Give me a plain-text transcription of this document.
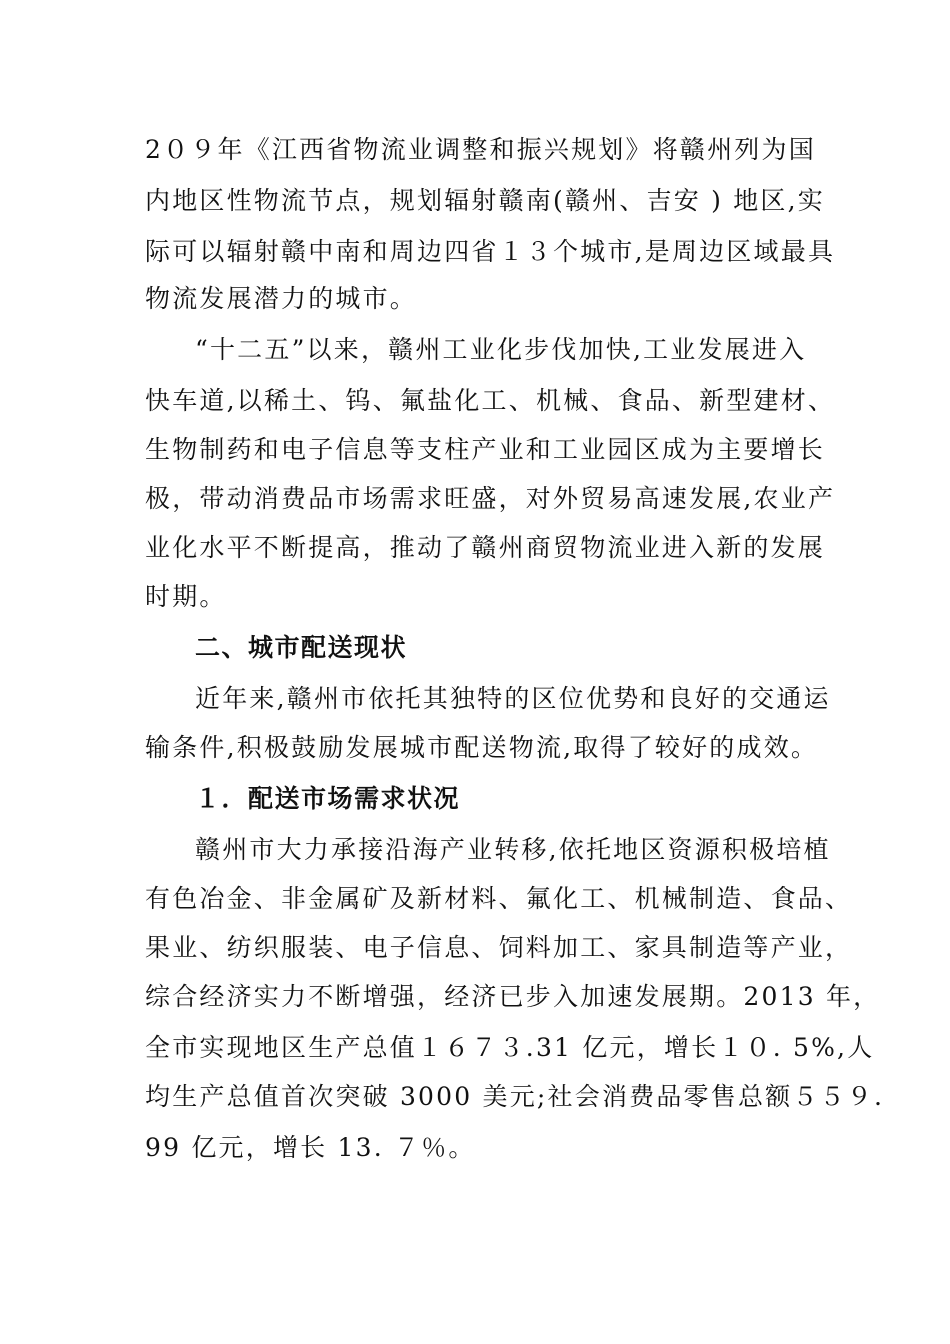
2０９年《江西省物流业调整和振兴规划》将赣州列为国
内地区性物流节点，规划辐射赣南(赣州、吉安 ) 地区,实
际可以辐射赣中南和周边四省１３个城市,是周边区域最具
物流发展潜力的城市。
“十二五”以来，赣州工业化步伐加快,工业发展进入
快车道,以稀土、钨、氟盐化工、机械、食品、新型建材、
生物制药和电子信息等支柱产业和工业园区成为主要增长
极，带动消费品市场需求旺盛，对外贸易高速发展,农业产
业化水平不断提高，推动了赣州商贸物流业进入新的发展
时期。
二、城市配送现状
近年来,赣州市依托其独特的区位优势和良好的交通运
输条件,积极鼓励发展城市配送物流,取得了较好的成效。
１．配送市场需求状况
赣州市大力承接沿海产业转移,依托地区资源积极培植
有色冶金、非金属矿及新材料、氟化工、机械制造、食品、
果业、纺织服装、电子信息、饲料加工、家具制造等产业，
综合经济实力不断增强，经济已步入加速发展期。2013 年，
全市实现地区生产总值１６７３.31 亿元，增长１０. 5%,人
均生产总值首次突破 3000 美元;社会消费品零售总额５５９.
99 亿元，增长 13. ７％。
